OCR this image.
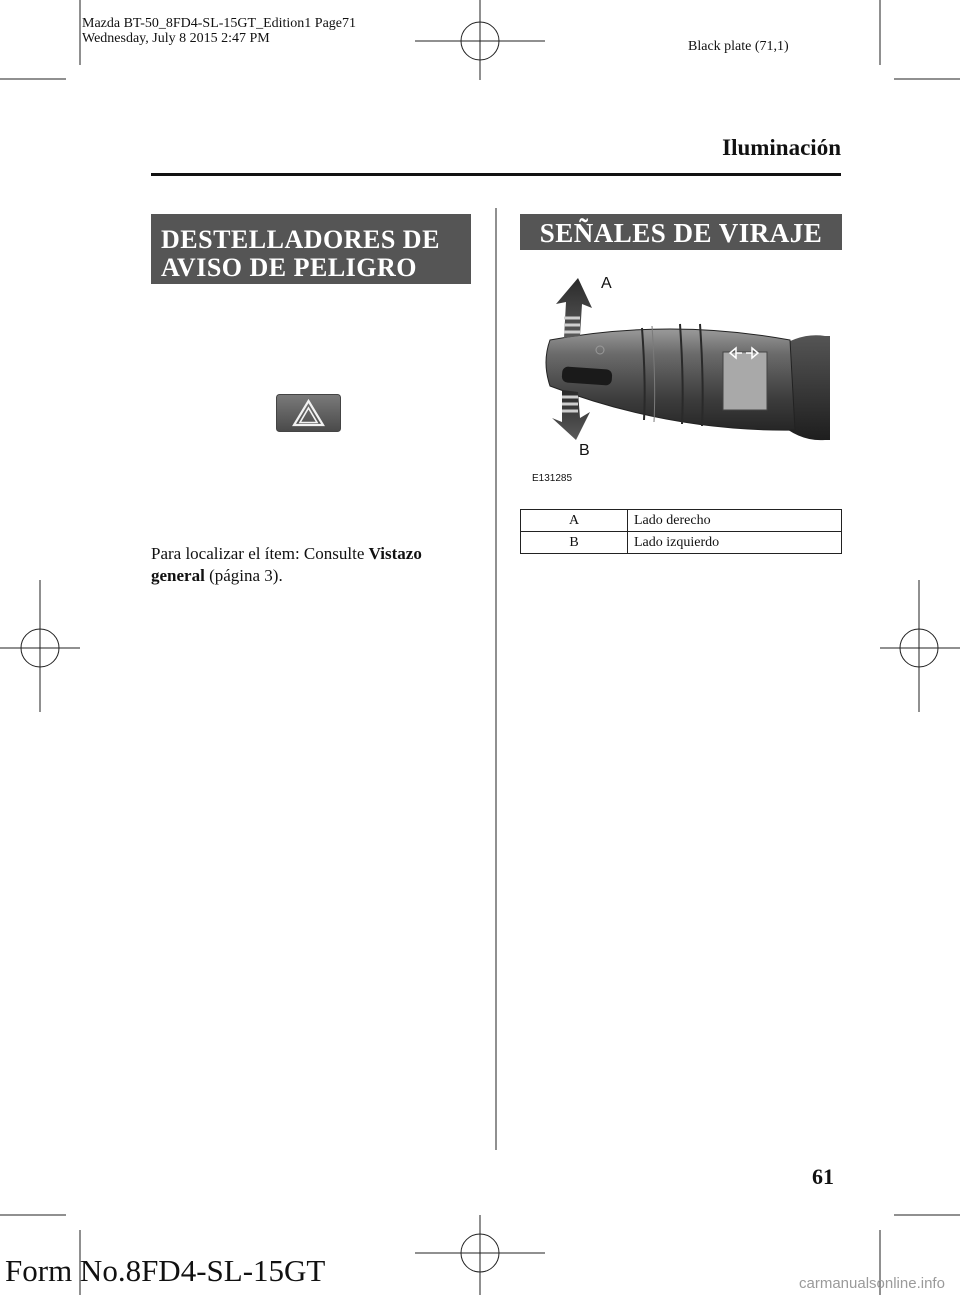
Mazda BT-50_8FD4-SL-15GT_Edition1 Page71
Wednesday, July 8 2015 2:47 PM
Black plate (71,1)
Iluminación
DESTELLADORES DE
AVISO DE PELIGRO
Para localizar el ítem: Consulte Vistazo
general (página 3).
SEÑALES DE VIRAJE
A
B
E131285
A	Lado derecho
B	Lado izquierdo
61
Form No.8FD4-SL-15GT	carmanualsonline.info
